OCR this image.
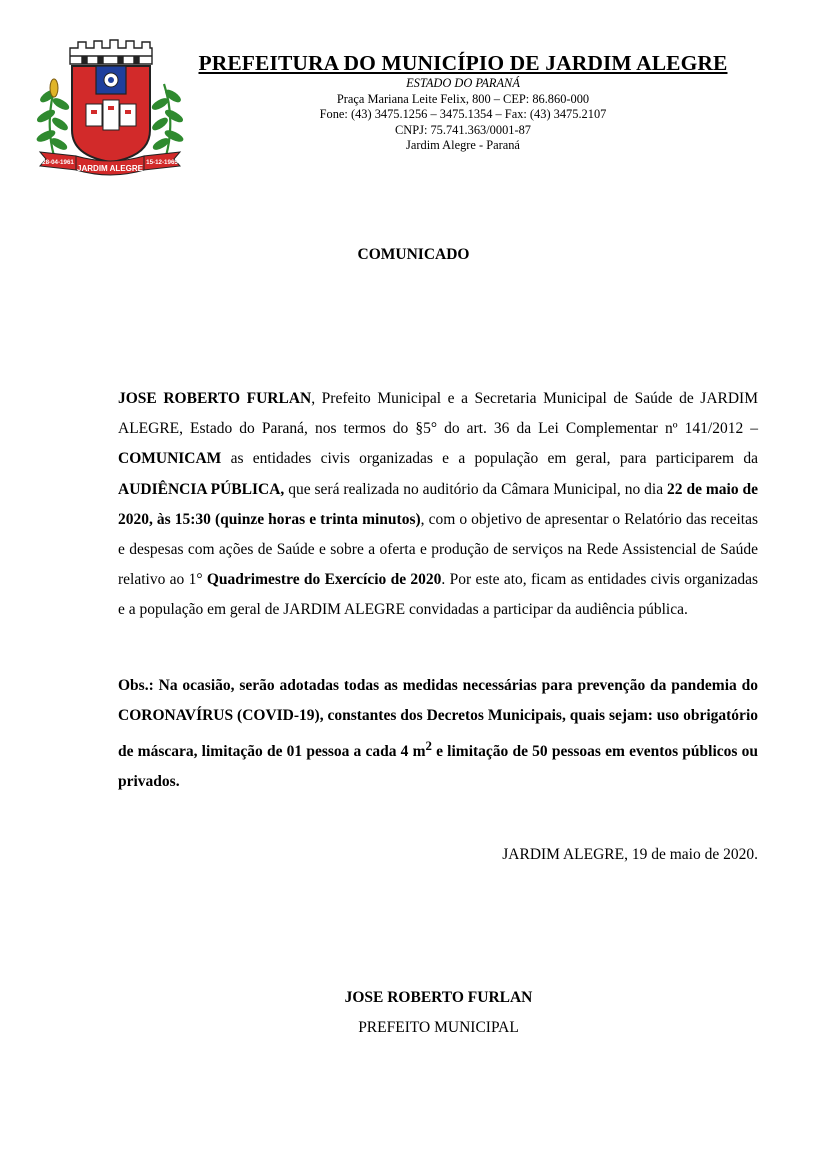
28-04-1961
JARDIM ALEGRE
15-12-1965
PREFEITURA DO MUNICÍPIO DE JARDIM ALEGRE
ESTADO DO PARANÁ
Praça Mariana Leite Felix, 800 – CEP: 86.860-000
Fone: (43) 3475.1256 – 3475.1354 – Fax: (43) 3475.2107
CNPJ: 75.741.363/0001-87
Jardim Alegre - Paraná
COMUNICADO
JOSE ROBERTO FURLAN, Prefeito Municipal e a Secretaria Municipal de Saúde de JARDIM ALEGRE, Estado do Paraná, nos termos do §5° do art. 36 da Lei Complementar nº 141/2012 – COMUNICAM as entidades civis organizadas e a população em geral, para participarem da AUDIÊNCIA PÚBLICA, que será realizada no auditório da Câmara Municipal, no dia 22 de maio de 2020, às 15:30 (quinze horas e trinta minutos), com o objetivo de apresentar o Relatório das receitas e despesas com ações de Saúde e sobre a oferta e produção de serviços na Rede Assistencial de Saúde relativo ao 1° Quadrimestre do Exercício de 2020. Por este ato, ficam as entidades civis organizadas e a população em geral de JARDIM ALEGRE convidadas a participar da audiência pública.
Obs.: Na ocasião, serão adotadas todas as medidas necessárias para prevenção da pandemia do CORONAVÍRUS (COVID-19), constantes dos Decretos Municipais, quais sejam: uso obrigatório de máscara, limitação de 01 pessoa a cada 4 $m^2$ e limitação de 50 pessoas em eventos públicos ou privados.
JARDIM ALEGRE, 19 de maio de 2020.
JOSE ROBERTO FURLAN
PREFEITO MUNICIPAL
